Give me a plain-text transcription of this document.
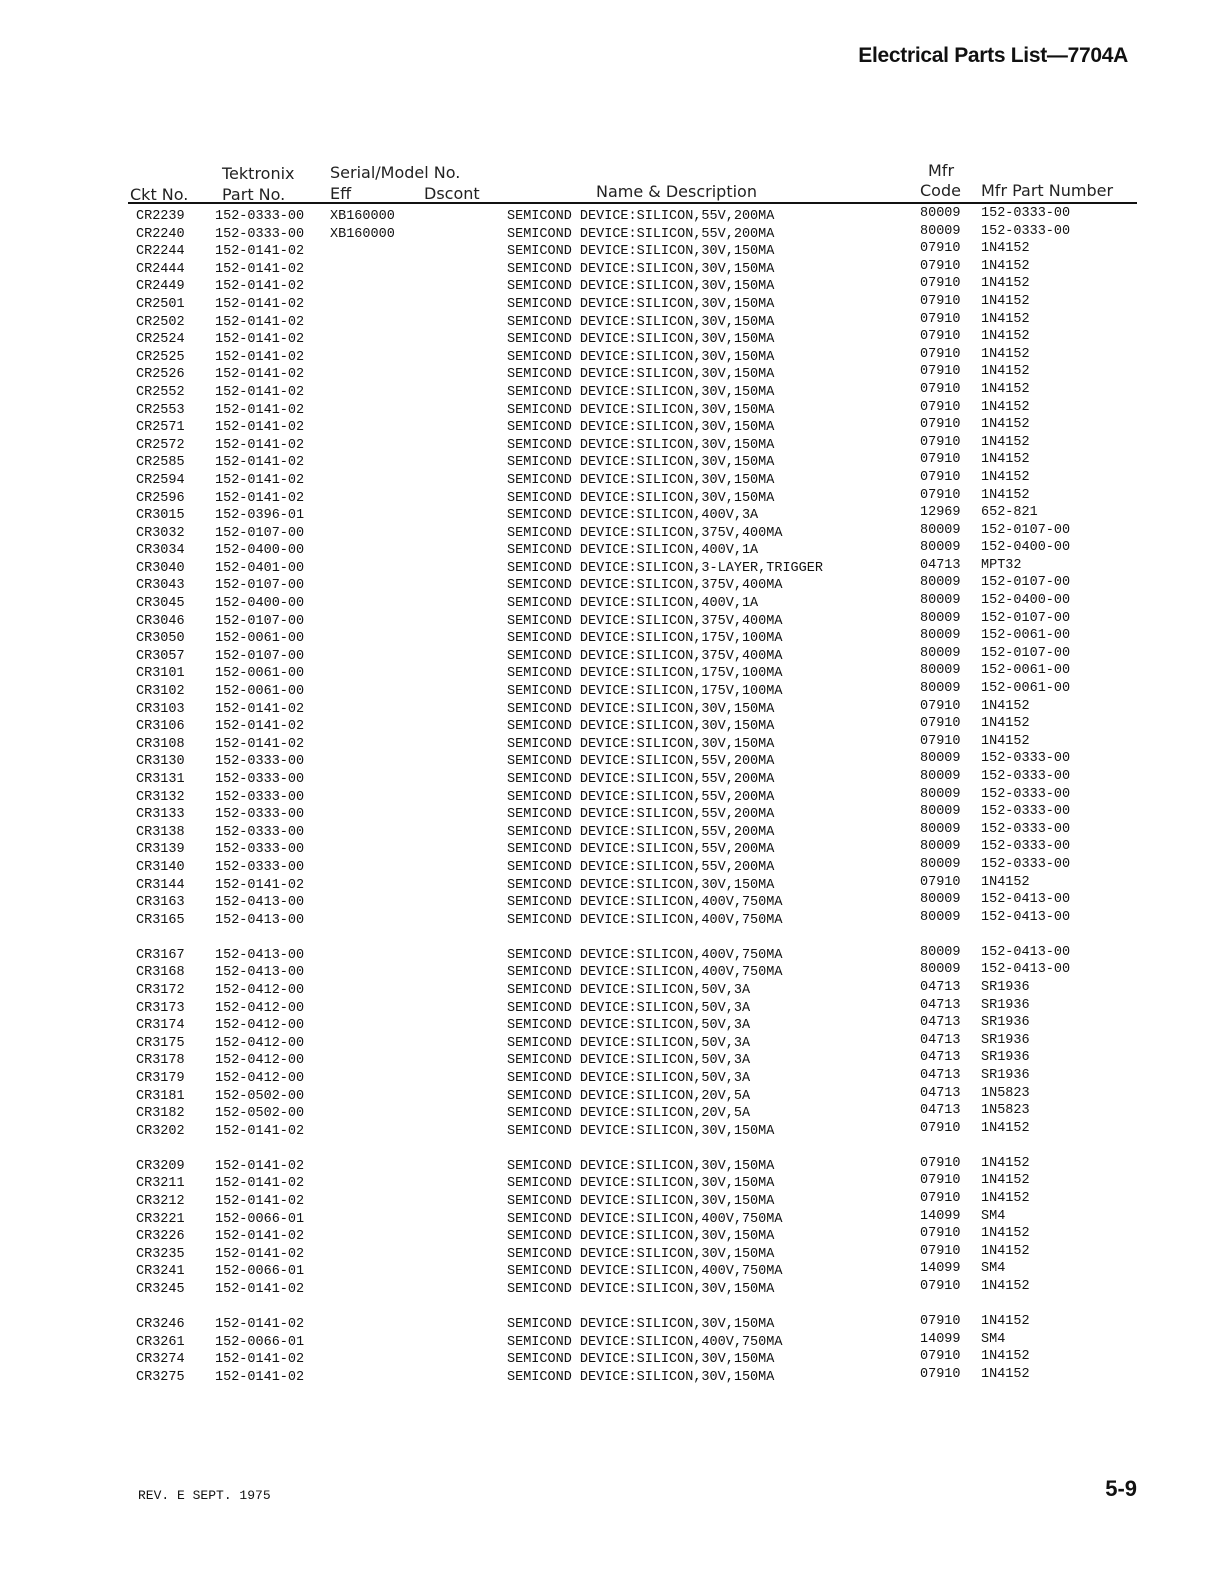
Electrical Parts List—7704A
Ckt No.
Tektronix
Part No.
Serial/Model No.
Eff	Dscont	Name & Description
Mfr
Code Mfr Part Number
CR2239 152-0333-00 XB160000	SEMICOND DEVICE:SILICON,55V,200MA	80009 152-0333-00
CR2240 152-0333-00 XB160000	SEMICOND DEVICE:SILICON,55V,200MA	80009 152-0333-00
CR2244 152-0141-02	SEMICOND DEVICE:SILICON,30V,150MA	07910 1N4152
CR2444 152-0141-02	SEMICOND DEVICE:SILICON,30V,150MA	07910 1N4152
CR2449 152-0141-02	SEMICOND DEVICE:SILICON,30V,150MA	07910 1N4152
CR2501 152-0141-02	SEMICOND DEVICE:SILICON,30V,150MA	07910 1N4152
CR2502 152-0141-02	SEMICOND DEVICE:SILICON,30V,150MA	07910 1N4152
CR2524 152-0141-02	SEMICOND DEVICE:SILICON,30V,150MA	07910 1N4152
CR2525 152-0141-02	SEMICOND DEVICE:SILICON,30V,150MA	07910 1N4152
CR2526 152-0141-02	SEMICOND DEVICE:SILICON,30V,150MA	07910 1N4152
CR2552 152-0141-02	SEMICOND DEVICE:SILICON,30V,150MA	07910 1N4152
CR2553 152-0141-02	SEMICOND DEVICE:SILICON,30V,150MA	07910 1N4152
CR2571 152-0141-02	SEMICOND DEVICE:SILICON,30V,150MA	07910 1N4152
CR2572 152-0141-02	SEMICOND DEVICE:SILICON,30V,150MA	07910 1N4152
CR2585 152-0141-02	SEMICOND DEVICE:SILICON,30V,150MA	07910 1N4152
CR2594 152-0141-02	SEMICOND DEVICE:SILICON,30V,150MA	07910 1N4152
CR2596 152-0141-02	SEMICOND DEVICE:SILICON,30V,150MA	07910 1N4152
CR3015 152-0396-01	SEMICOND DEVICE:SILICON,400V,3A	12969 652-821
CR3032 152-0107-00	SEMICOND DEVICE:SILICON,375V,400MA	80009 152-0107-00
CR3034 152-0400-00	SEMICOND DEVICE:SILICON,400V,1A	80009 152-0400-00
CR3040 152-0401-00	SEMICOND DEVICE:SILICON,3-LAYER,TRIGGER	04713 MPT32
CR3043 152-0107-00	SEMICOND DEVICE:SILICON,375V,400MA	80009 152-0107-00
CR3045 152-0400-00	SEMICOND DEVICE:SILICON,400V,1A	80009 152-0400-00
CR3046 152-0107-00	SEMICOND DEVICE:SILICON,375V,400MA	80009 152-0107-00
CR3050 152-0061-00	SEMICOND DEVICE:SILICON,175V,100MA	80009 152-0061-00
CR3057 152-0107-00	SEMICOND DEVICE:SILICON,375V,400MA	80009 152-0107-00
CR3101 152-0061-00	SEMICOND DEVICE:SILICON,175V,100MA	80009 152-0061-00
CR3102 152-0061-00	SEMICOND DEVICE:SILICON,175V,100MA	80009 152-0061-00
CR3103 152-0141-02	SEMICOND DEVICE:SILICON,30V,150MA	07910 1N4152
CR3106 152-0141-02	SEMICOND DEVICE:SILICON,30V,150MA	07910 1N4152
CR3108 152-0141-02	SEMICOND DEVICE:SILICON,30V,150MA	07910 1N4152
CR3130 152-0333-00	SEMICOND DEVICE:SILICON,55V,200MA	80009 152-0333-00
CR3131 152-0333-00	SEMICOND DEVICE:SILICON,55V,200MA	80009 152-0333-00
CR3132 152-0333-00	SEMICOND DEVICE:SILICON,55V,200MA	80009 152-0333-00
CR3133 152-0333-00	SEMICOND DEVICE:SILICON,55V,200MA	80009 152-0333-00
CR3138 152-0333-00	SEMICOND DEVICE:SILICON,55V,200MA	80009 152-0333-00
CR3139 152-0333-00	SEMICOND DEVICE:SILICON,55V,200MA	80009 152-0333-00
CR3140 152-0333-00	SEMICOND DEVICE:SILICON,55V,200MA	80009 152-0333-00
CR3144 152-0141-02	SEMICOND DEVICE:SILICON,30V,150MA	07910 1N4152
CR3163 152-0413-00	SEMICOND DEVICE:SILICON,400V,750MA	80009 152-0413-00
CR3165 152-0413-00	SEMICOND DEVICE:SILICON,400V,750MA	80009 152-0413-00
CR3167 152-0413-00	SEMICOND DEVICE:SILICON,400V,750MA	80009 152-0413-00
CR3168 152-0413-00	SEMICOND DEVICE:SILICON,400V,750MA	80009 152-0413-00
CR3172 152-0412-00	SEMICOND DEVICE:SILICON,50V,3A	04713 SR1936
CR3173 152-0412-00	SEMICOND DEVICE:SILICON,50V,3A	04713 SR1936
CR3174 152-0412-00	SEMICOND DEVICE:SILICON,50V,3A	04713 SR1936
CR3175 152-0412-00	SEMICOND DEVICE:SILICON,50V,3A	04713 SR1936
CR3178 152-0412-00	SEMICOND DEVICE:SILICON,50V,3A	04713 SR1936
CR3179 152-0412-00	SEMICOND DEVICE:SILICON,50V,3A	04713 SR1936
CR3181 152-0502-00	SEMICOND DEVICE:SILICON,20V,5A	04713 1N5823
CR3182 152-0502-00	SEMICOND DEVICE:SILICON,20V,5A	04713 1N5823
CR3202 152-0141-02	SEMICOND DEVICE:SILICON,30V,150MA	07910 1N4152
CR3209 152-0141-02	SEMICOND DEVICE:SILICON,30V,150MA	07910 1N4152
CR3211 152-0141-02	SEMICOND DEVICE:SILICON,30V,150MA	07910 1N4152
CR3212 152-0141-02	SEMICOND DEVICE:SILICON,30V,150MA	07910 1N4152
CR3221 152-0066-01	SEMICOND DEVICE:SILICON,400V,750MA	14099 SM4
CR3226 152-0141-02	SEMICOND DEVICE:SILICON,30V,150MA	07910 1N4152
CR3235 152-0141-02	SEMICOND DEVICE:SILICON,30V,150MA	07910 1N4152
CR3241 152-0066-01	SEMICOND DEVICE:SILICON,400V,750MA	14099 SM4
CR3245 152-0141-02	SEMICOND DEVICE:SILICON,30V,150MA	07910 1N4152
CR3246 152-0141-02	SEMICOND DEVICE:SILICON,30V,150MA	07910 1N4152
CR3261 152-0066-01	SEMICOND DEVICE:SILICON,400V,750MA	14099 SM4
CR3274 152-0141-02	SEMICOND DEVICE:SILICON,30V,150MA	07910 1N4152
CR3275 152-0141-02	SEMICOND DEVICE:SILICON,30V,150MA	07910 1N4152
REV. E SEPT. 1975	5-9
